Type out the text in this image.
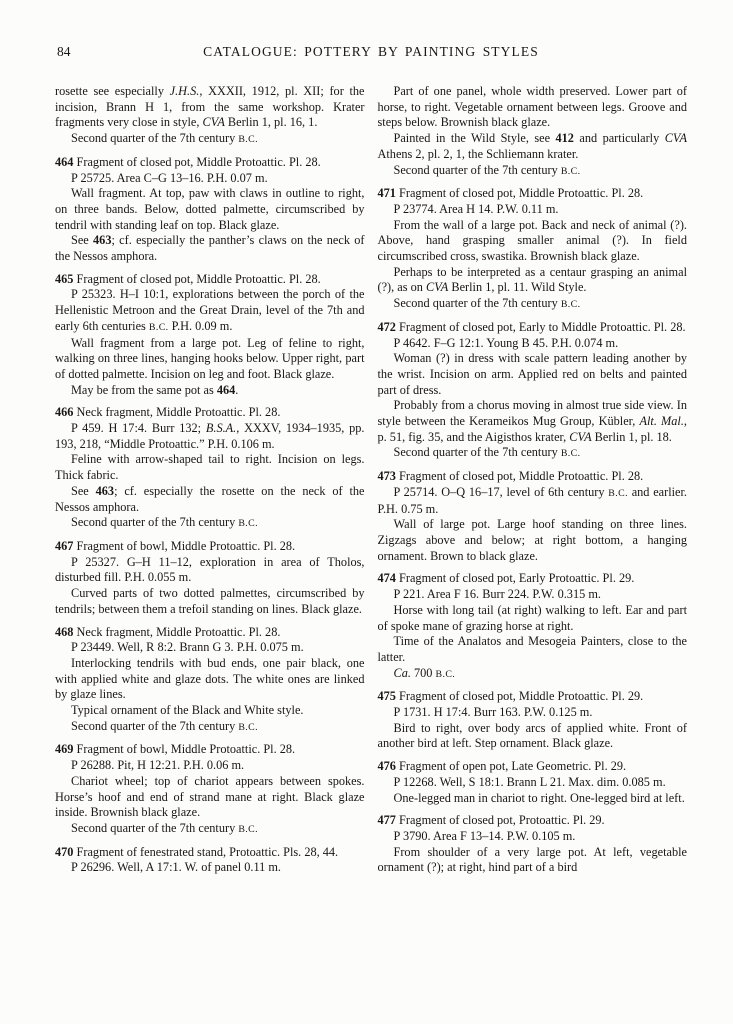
84	CATALOGUE: POTTERY BY PAINTING STYLES

rosette see especially J.H.S., XXXII, 1912, pl. XII; for the incision, Brann H 1, from the same workshop. Krater fragments very close in style, CVA Berlin 1, pl. 16, 1.

Second quarter of the 7th century B.C.

464 Fragment of closed pot, Middle Protoattic. Pl. 28.

P 25725. Area C–G 13–16. P.H. 0.07 m.

Wall fragment. At top, paw with claws in outline to right, on three bands. Below, dotted palmette, circumscribed by tendril with standing leaf on top. Black glaze.

See 463; cf. especially the panther’s claws on the neck of the Nessos amphora.

465 Fragment of closed pot, Middle Protoattic. Pl. 28.

P 25323. H–I 10:1, explorations between the porch of the Hellenistic Metroon and the Great Drain, level of the 7th and early 6th centuries B.C. P.H. 0.09 m.

Wall fragment from a large pot. Leg of feline to right, walking on three lines, hanging hooks below. Upper right, part of dotted palmette. Incision on leg and foot. Black glaze.

May be from the same pot as 464.

466 Neck fragment, Middle Protoattic. Pl. 28.

P 459. H 17:4. Burr 132; B.S.A., XXXV, 1934–1935, pp. 193, 218, “Middle Protoattic.” P.H. 0.106 m.

Feline with arrow-shaped tail to right. Incision on legs. Thick fabric.

See 463; cf. especially the rosette on the neck of the Nessos amphora.

Second quarter of the 7th century B.C.

467 Fragment of bowl, Middle Protoattic. Pl. 28.

P 25327. G–H 11–12, exploration in area of Tholos, disturbed fill. P.H. 0.055 m.

Curved parts of two dotted palmettes, circumscribed by tendrils; between them a trefoil standing on lines. Black glaze.

468 Neck fragment, Middle Protoattic. Pl. 28.

P 23449. Well, R 8:2. Brann G 3. P.H. 0.075 m.

Interlocking tendrils with bud ends, one pair black, one with applied white and glaze dots. The white ones are linked by glaze lines.

Typical ornament of the Black and White style.

Second quarter of the 7th century B.C.

469 Fragment of bowl, Middle Protoattic. Pl. 28.

P 26288. Pit, H 12:21. P.H. 0.06 m.

Chariot wheel; top of chariot appears between spokes. Horse’s hoof and end of strand mane at right. Black glaze inside. Brownish black glaze.

Second quarter of the 7th century B.C.

470 Fragment of fenestrated stand, Protoattic. Pls. 28, 44.

P 26296. Well, A 17:1. W. of panel 0.11 m.

Part of one panel, whole width preserved. Lower part of horse, to right. Vegetable ornament between legs. Groove and steps below. Brownish black glaze.

Painted in the Wild Style, see 412 and particularly CVA Athens 2, pl. 2, 1, the Schliemann krater.

Second quarter of the 7th century B.C.

471 Fragment of closed pot, Middle Protoattic. Pl. 28.

P 23774. Area H 14. P.W. 0.11 m.

From the wall of a large pot. Back and neck of animal (?). Above, hand grasping smaller animal (?). In field circumscribed cross, swastika. Brownish black glaze.

Perhaps to be interpreted as a centaur grasping an animal (?), as on CVA Berlin 1, pl. 11. Wild Style.

Second quarter of the 7th century B.C.

472 Fragment of closed pot, Early to Middle Protoattic. Pl. 28.

P 4642. F–G 12:1. Young B 45. P.H. 0.074 m.

Woman (?) in dress with scale pattern leading another by the wrist. Incision on arm. Applied red on belts and painted part of dress.

Probably from a chorus moving in almost true side view. In style between the Kerameikos Mug Group, Kübler, Alt. Mal., p. 51, fig. 35, and the Aigisthos krater, CVA Berlin 1, pl. 18.

Second quarter of the 7th century B.C.

473 Fragment of closed pot, Middle Protoattic. Pl. 28.

P 25714. O–Q 16–17, level of 6th century B.C. and earlier. P.H. 0.75 m.

Wall of large pot. Large hoof standing on three lines. Zigzags above and below; at right bottom, a hanging ornament. Brown to black glaze.

474 Fragment of closed pot, Early Protoattic. Pl. 29.

P 221. Area F 16. Burr 224. P.W. 0.315 m.

Horse with long tail (at right) walking to left. Ear and part of spoke mane of grazing horse at right.

Time of the Analatos and Mesogeia Painters, close to the latter.

Ca. 700 B.C.

475 Fragment of closed pot, Middle Protoattic. Pl. 29.

P 1731. H 17:4. Burr 163. P.W. 0.125 m.

Bird to right, over body arcs of applied white. Front of another bird at left. Step ornament. Black glaze.

476 Fragment of open pot, Late Geometric. Pl. 29.

P 12268. Well, S 18:1. Brann L 21. Max. dim. 0.085 m.

One-legged man in chariot to right. One-legged bird at left.

477 Fragment of closed pot, Protoattic. Pl. 29.

P 3790. Area F 13–14. P.W. 0.105 m.

From shoulder of a very large pot. At left, vegetable ornament (?); at right, hind part of a bird
